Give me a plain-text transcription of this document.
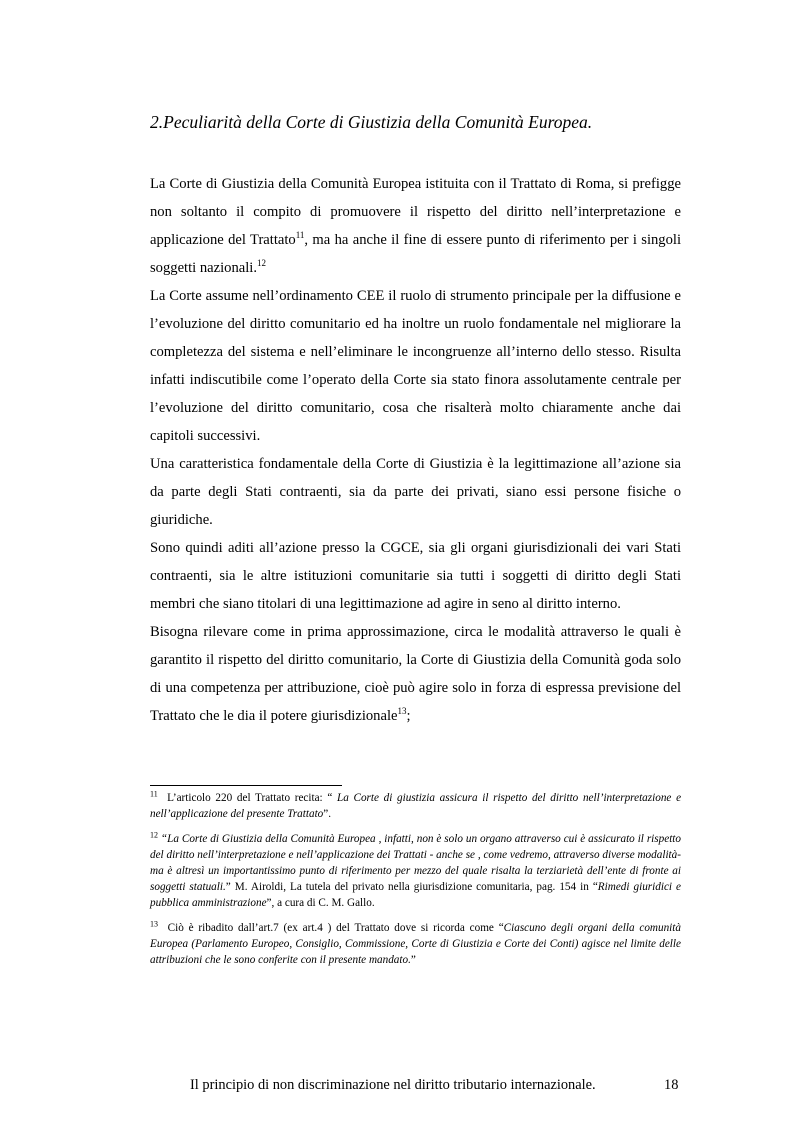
2.Peculiarità della Corte di Giustizia della Comunità Europea.

La Corte di Giustizia della Comunità Europea istituita con il Trattato di Roma, si prefigge non soltanto il compito di promuovere il rispetto del diritto nell’interpretazione e applicazione del Trattato$^{11}$, ma ha anche il fine di essere punto di riferimento per i singoli soggetti nazionali.$^{12}$

La Corte assume nell’ordinamento CEE il ruolo di strumento principale per la diffusione e l’evoluzione del diritto comunitario ed ha inoltre un ruolo fondamentale nel migliorare la completezza del sistema e nell’eliminare le incongruenze all’interno dello stesso. Risulta infatti indiscutibile come l’operato della Corte sia stato finora assolutamente centrale per l’evoluzione del diritto comunitario, cosa che risalterà molto chiaramente anche dai capitoli successivi.

Una caratteristica fondamentale della Corte di Giustizia è la legittimazione all’azione sia da parte degli Stati contraenti, sia da parte dei privati, siano essi persone fisiche o giuridiche.

Sono quindi aditi all’azione presso la CGCE, sia gli organi giurisdizionali dei vari Stati contraenti, sia le altre istituzioni comunitarie sia tutti i soggetti di diritto degli Stati membri che siano titolari di una legittimazione ad agire in seno al diritto interno.

Bisogna rilevare come in prima approssimazione, circa le modalità attraverso le quali è garantito il rispetto del diritto comunitario, la Corte di Giustizia della Comunità goda solo di una competenza per attribuzione, cioè può agire solo in forza di espressa previsione del Trattato che le dia il potere giurisdizionale$^{13}$;

$^{11}$ L’articolo 220 del Trattato recita: “ La Corte di giustizia assicura il rispetto del diritto nell’interpretazione e nell’applicazione del presente Trattato”.

$^{12}$ “La Corte di Giustizia della Comunità Europea , infatti, non è solo un organo attraverso cui è assicurato il rispetto del diritto nell’interpretazione e nell’applicazione dei Trattati - anche se , come vedremo, attraverso diverse modalità- ma è altresì un importantissimo punto di riferimento per mezzo del quale risalta la terziarietà dell’ente di fronte ai soggetti statuali.” M. Airoldi, La tutela del privato nella giurisdizione comunitaria, pag. 154 in “Rimedi giuridici e pubblica amministrazione”, a cura di C. M. Gallo.

$^{13}$ Ciò è ribadito dall’art.7 (ex art.4 ) del Trattato dove si ricorda come “Ciascuno degli organi della comunità Europea (Parlamento Europeo, Consiglio, Commissione, Corte di Giustizia e Corte dei Conti) agisce nel limite delle attribuzioni che le sono conferite con il presente mandato.”

Il principio di non discriminazione nel diritto tributario internazionale.	18
